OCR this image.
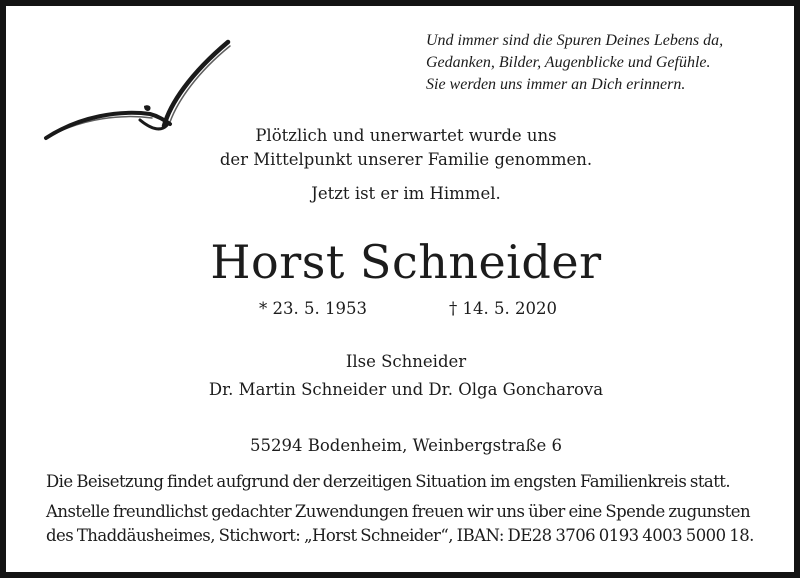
Und immer sind die Spuren Deines Lebens da,
Gedanken, Bilder, Augenblicke und Gefühle.
Sie werden uns immer an Dich erinnern.
Plötzlich und unerwartet wurde uns
der Mittelpunkt unserer Familie genommen.
Jetzt ist er im Himmel.
Horst Schneider
* 23. 5. 1953	† 14. 5. 2020
Ilse Schneider
Dr. Martin Schneider und Dr. Olga Goncharova
55294 Bodenheim, Weinbergstraße 6
Die Beisetzung findet aufgrund der derzeitigen Situation im engsten Familienkreis statt.
Anstelle freundlichst gedachter Zuwendungen freuen wir uns über eine Spende zugunsten
des Thaddäusheimes, Stichwort: „Horst Schneider“, IBAN: DE28 3706 0193 4003 5000 18.
